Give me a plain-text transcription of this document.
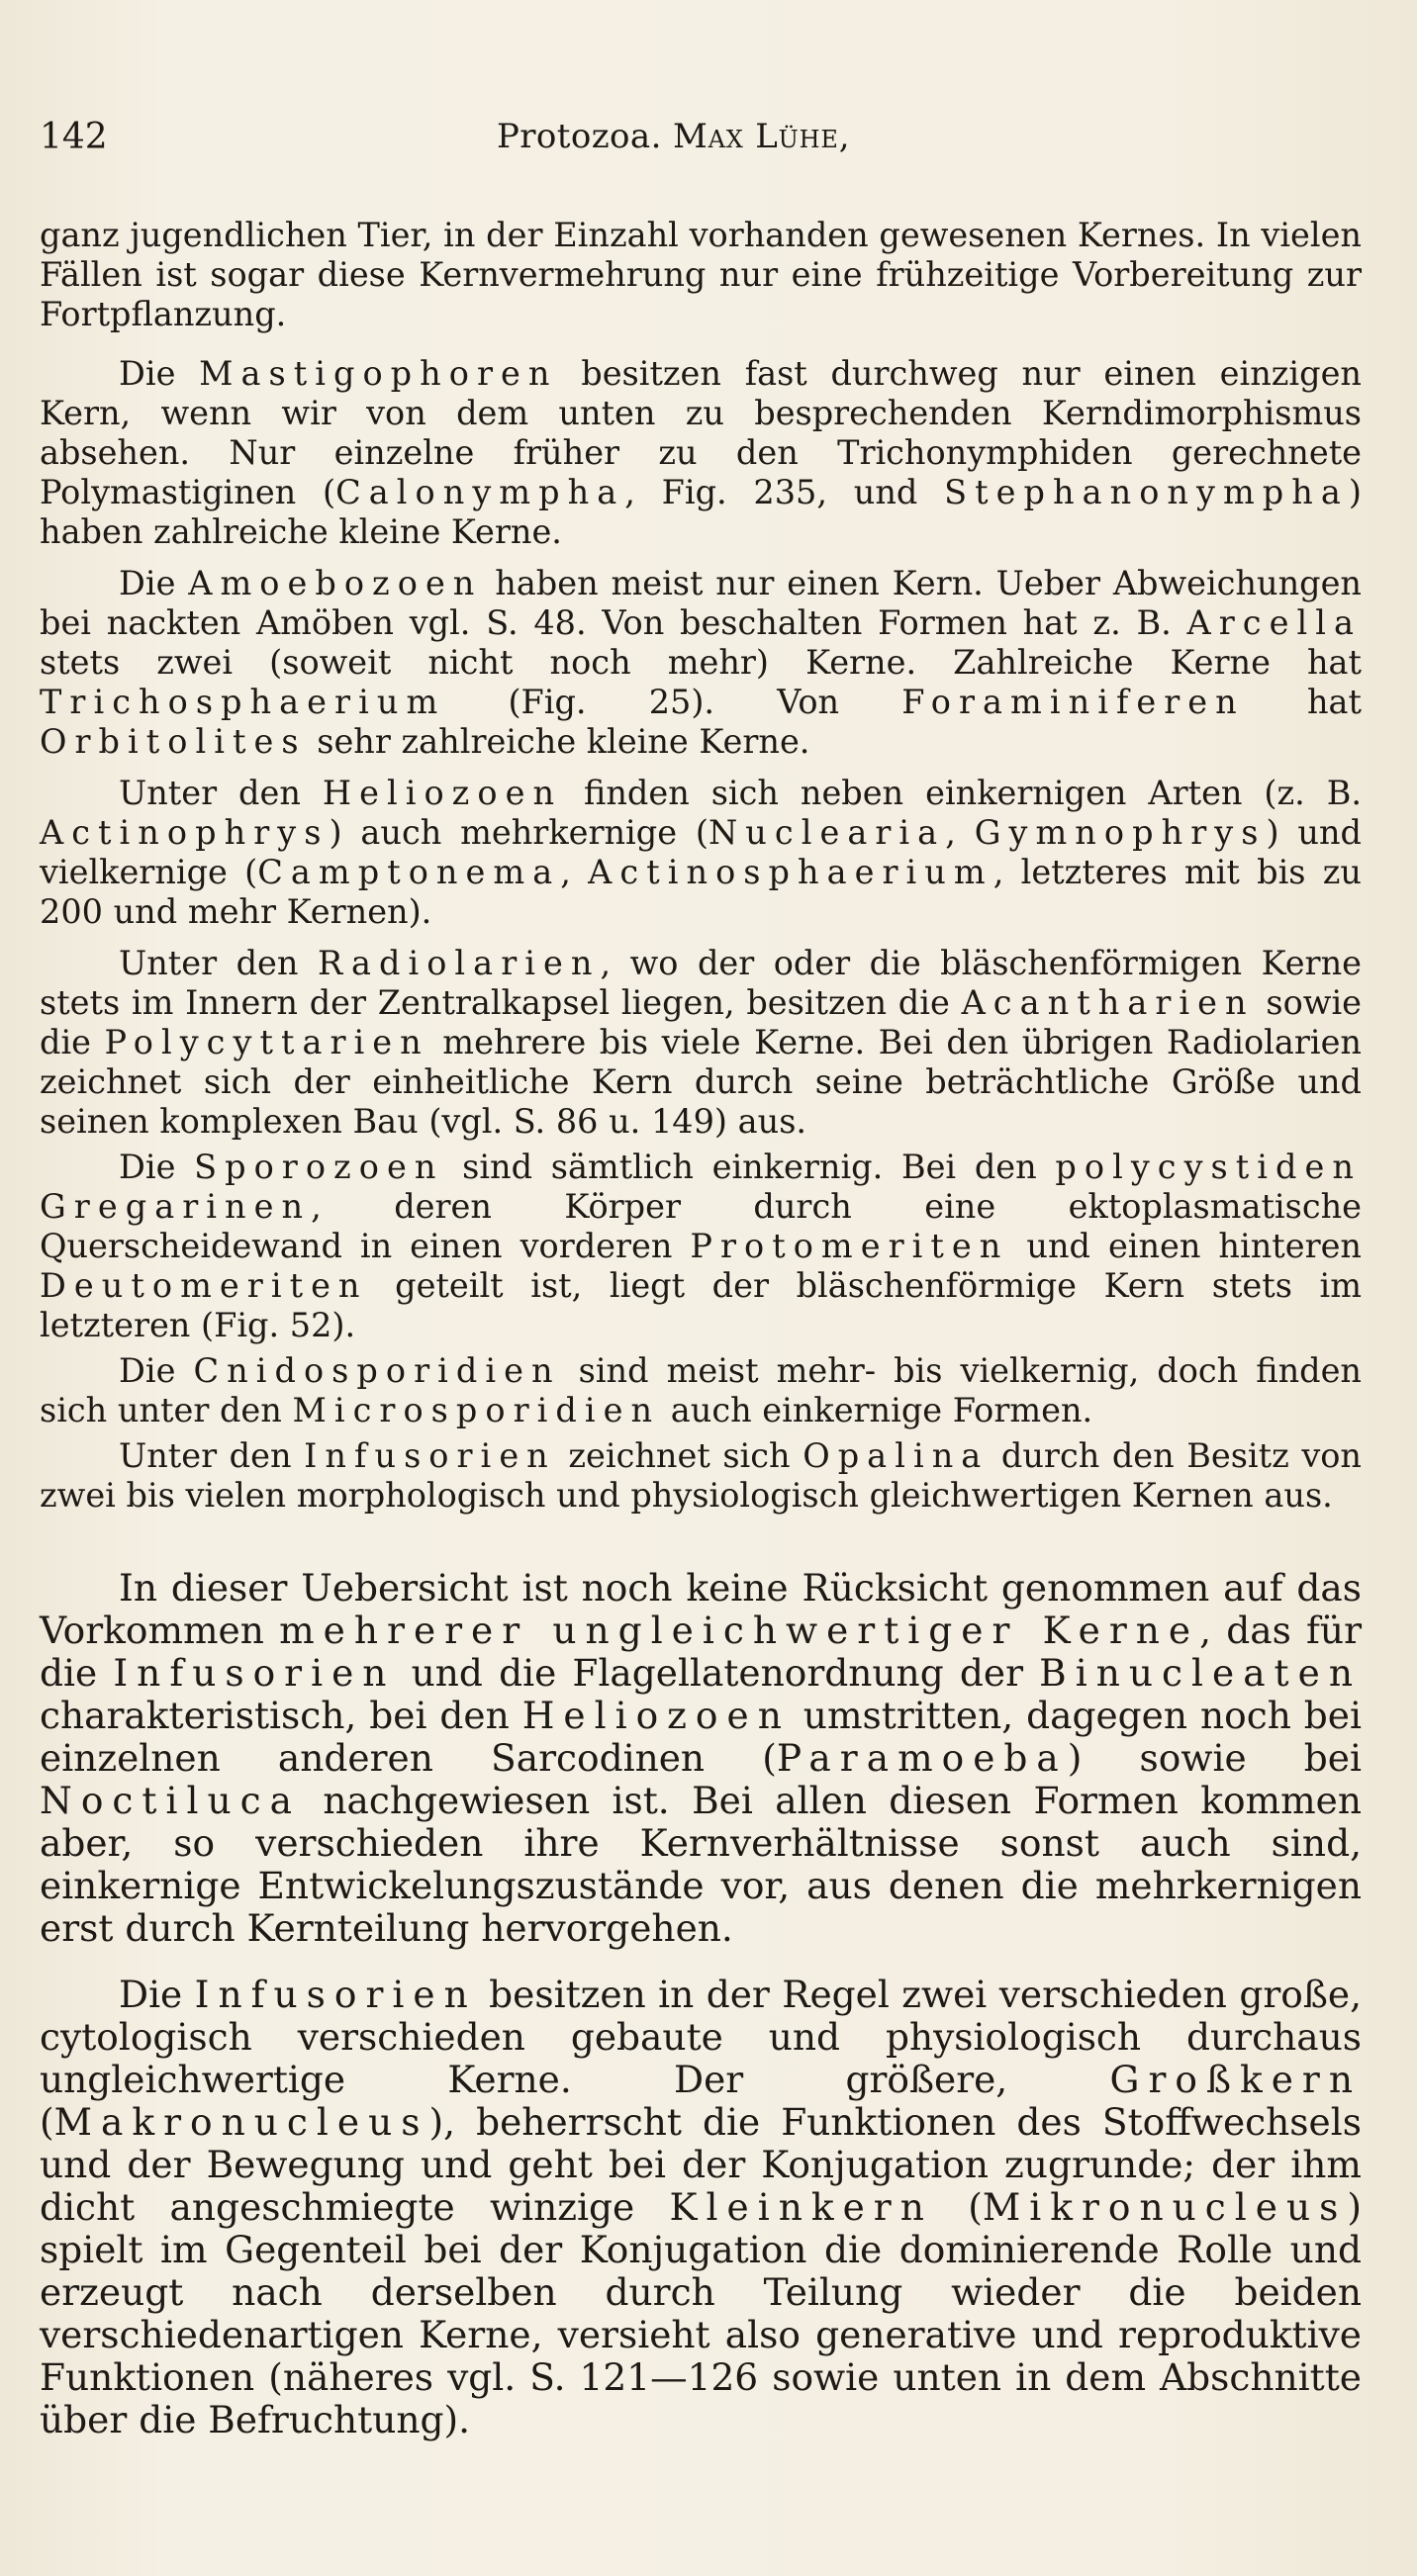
142	Protozoa. Max Lühe,

ganz jugendlichen Tier, in der Einzahl vorhanden gewesenen Kernes. In vielen Fällen ist sogar diese Kernvermehrung nur eine frühzeitige Vorbereitung zur Fortpflanzung.

Die Mastigophoren besitzen fast durchweg nur einen einzigen Kern, wenn wir von dem unten zu besprechenden Kerndimorphismus absehen. Nur einzelne früher zu den Trichonymphiden gerechnete Polymastiginen (Calonympha, Fig. 235, und Stephanonympha) haben zahlreiche kleine Kerne.

Die Amoebozoen haben meist nur einen Kern. Ueber Abweichungen bei nackten Amöben vgl. S. 48. Von beschalten Formen hat z. B. Arcella stets zwei (soweit nicht noch mehr) Kerne. Zahlreiche Kerne hat Trichosphaerium (Fig. 25). Von Foraminiferen hat Orbitolites sehr zahlreiche kleine Kerne.

Unter den Heliozoen finden sich neben einkernigen Arten (z. B. Actinophrys) auch mehrkernige (Nuclearia, Gymnophrys) und vielkernige (Camptonema, Actinosphaerium, letzteres mit bis zu 200 und mehr Kernen).

Unter den Radiolarien, wo der oder die bläschenförmigen Kerne stets im Innern der Zentralkapsel liegen, besitzen die Acantharien sowie die Polycyttarien mehrere bis viele Kerne. Bei den übrigen Radiolarien zeichnet sich der einheitliche Kern durch seine beträchtliche Größe und seinen komplexen Bau (vgl. S. 86 u. 149) aus.

Die Sporozoen sind sämtlich einkernig. Bei den polycystiden Gregarinen, deren Körper durch eine ektoplasmatische Querscheidewand in einen vorderen Protomeriten und einen hinteren Deutomeriten geteilt ist, liegt der bläschenförmige Kern stets im letzteren (Fig. 52).

Die Cnidosporidien sind meist mehr- bis vielkernig, doch finden sich unter den Microsporidien auch einkernige Formen.

Unter den Infusorien zeichnet sich Opalina durch den Besitz von zwei bis vielen morphologisch und physiologisch gleichwertigen Kernen aus.

In dieser Uebersicht ist noch keine Rücksicht genommen auf das Vorkommen mehrerer ungleichwertiger Kerne, das für die Infusorien und die Flagellatenordnung der Binucleaten charakteristisch, bei den Heliozoen umstritten, dagegen noch bei einzelnen anderen Sarcodinen (Paramoeba) sowie bei Noctiluca nachgewiesen ist. Bei allen diesen Formen kommen aber, so verschieden ihre Kernverhältnisse sonst auch sind, einkernige Entwickelungszustände vor, aus denen die mehrkernigen erst durch Kernteilung hervorgehen.

Die Infusorien besitzen in der Regel zwei verschieden große, cytologisch verschieden gebaute und physiologisch durchaus ungleichwertige Kerne. Der größere, Großkern (Makronucleus), beherrscht die Funktionen des Stoffwechsels und der Bewegung und geht bei der Konjugation zugrunde; der ihm dicht angeschmiegte winzige Kleinkern (Mikronucleus) spielt im Gegenteil bei der Konjugation die dominierende Rolle und erzeugt nach derselben durch Teilung wieder die beiden verschiedenartigen Kerne, versieht also generative und reproduktive Funktionen (näheres vgl. S. 121—126 sowie unten in dem Abschnitte über die Befruchtung).
